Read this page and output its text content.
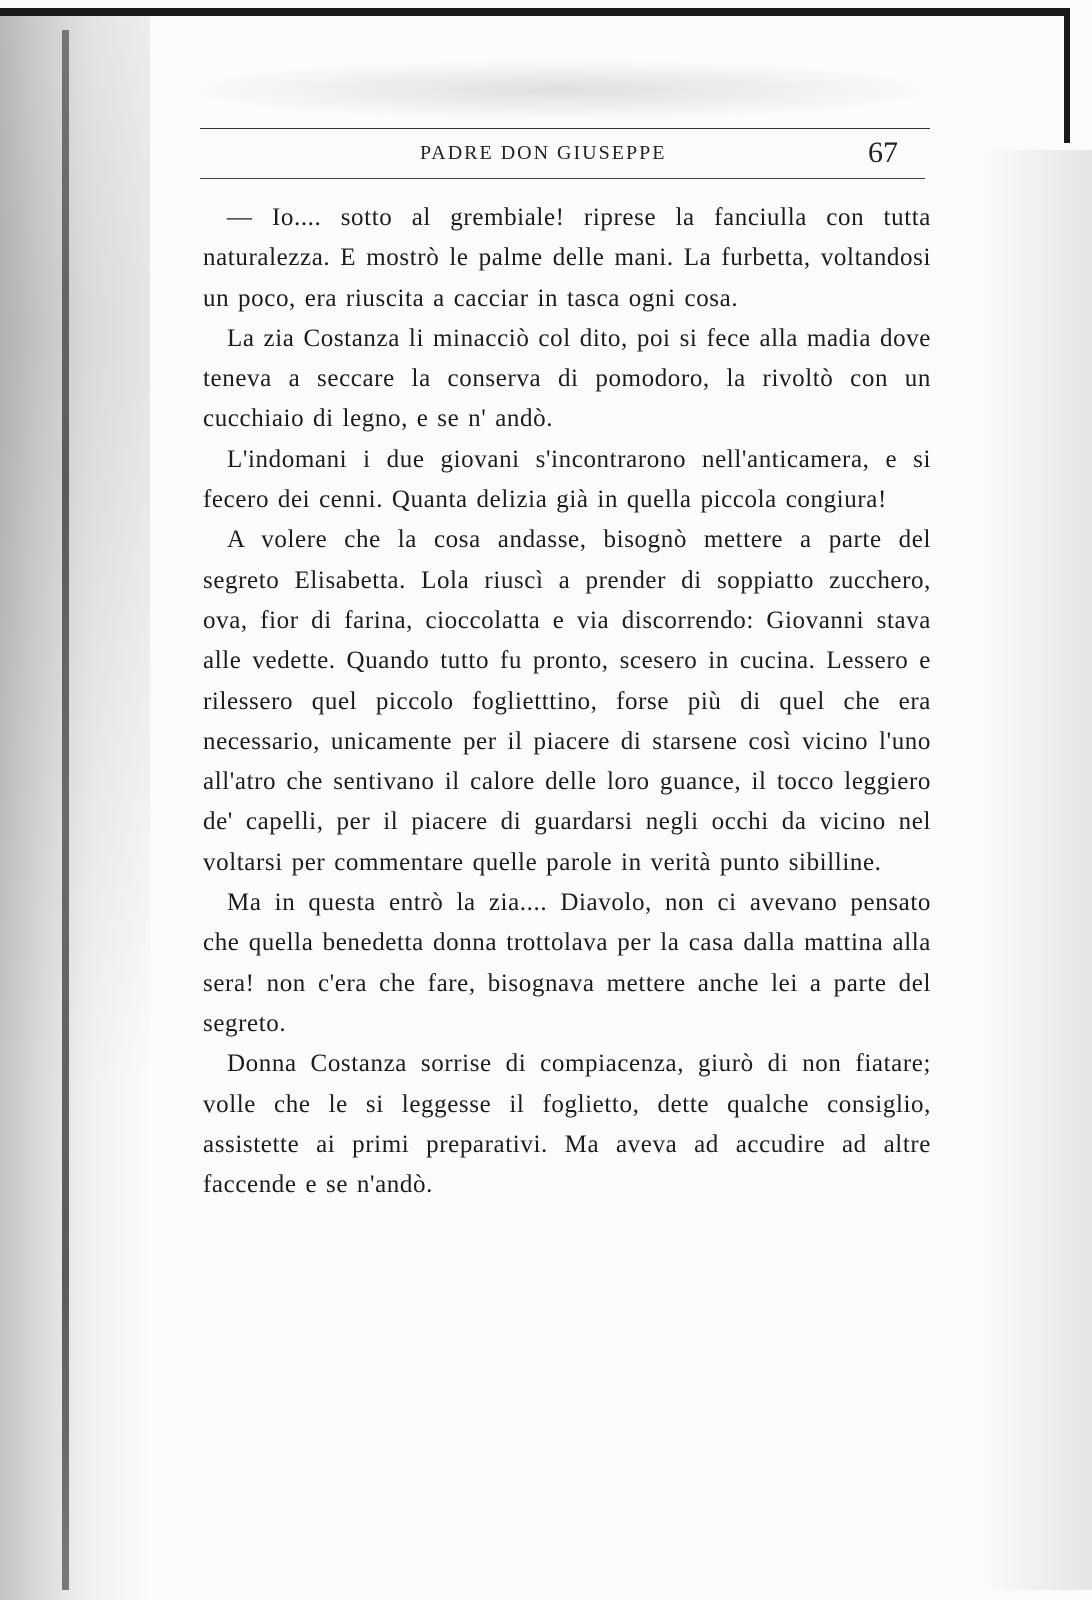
PADRE DON GIUSEPPE	67

— Io.... sotto al grembiale! riprese la fanciulla con tutta naturalezza. E mostrò le palme delle mani. La furbetta, voltandosi un poco, era riuscita a cacciar in tasca ogni cosa.

La zia Costanza li minacciò col dito, poi si fece alla madia dove teneva a seccare la conserva di pomodoro, la rivoltò con un cucchiaio di legno, e se n' andò.

L'indomani i due giovani s'incontrarono nell'anticamera, e si fecero dei cenni. Quanta delizia già in quella piccola congiura!

A volere che la cosa andasse, bisognò mettere a parte del segreto Elisabetta. Lola riuscì a prender di soppiatto zucchero, ova, fior di farina, cioccolatta e via discorrendo: Giovanni stava alle vedette. Quando tutto fu pronto, scesero in cucina. Lessero e rilessero quel piccolo foglietttino, forse più di quel che era necessario, unicamente per il piacere di starsene così vicino l'uno all'atro che sentivano il calore delle loro guance, il tocco leggiero de' capelli, per il piacere di guardarsi negli occhi da vicino nel voltarsi per commentare quelle parole in verità punto sibilline.

Ma in questa entrò la zia.... Diavolo, non ci avevano pensato che quella benedetta donna trottolava per la casa dalla mattina alla sera! non c'era che fare, bisognava mettere anche lei a parte del segreto.

Donna Costanza sorrise di compiacenza, giurò di non fiatare; volle che le si leggesse il foglietto, dette qualche consiglio, assistette ai primi preparativi. Ma aveva ad accudire ad altre faccende e se n'andò.
